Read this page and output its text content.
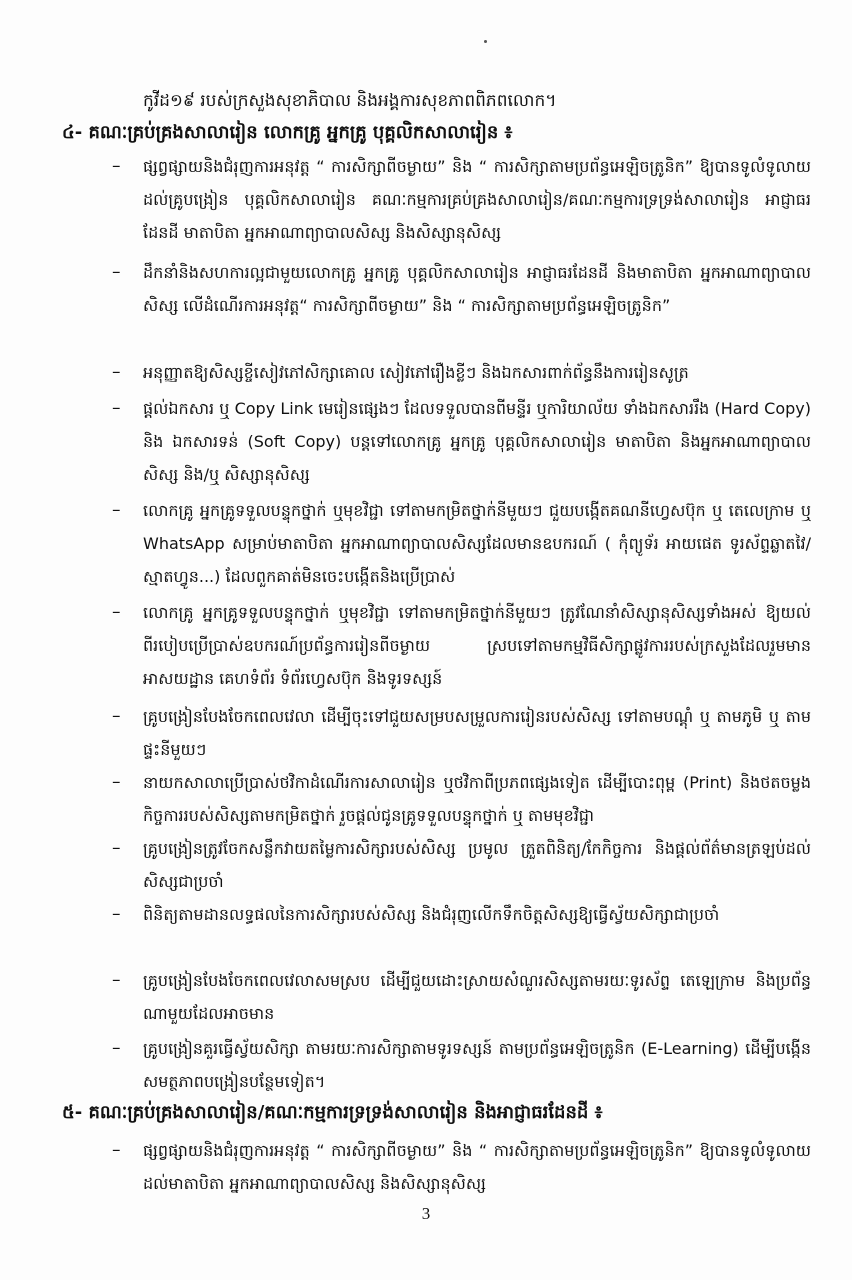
កូវីដ១៩ របស់ក្រសួងសុខាភិបាល និងអង្គការសុខភាពពិភពលោក។
៤- គណៈគ្រប់គ្រងសាលារៀន លោកគ្រូ អ្នកគ្រូ បុគ្គលិកសាលារៀន ៖
– ផ្សព្វផ្សាយនិងជំរុញការអនុវត្ត “ ការសិក្សាពីចម្ងាយ” និង “ ការសិក្សាតាមប្រព័ន្ធអេឡិចត្រូនិក” ឱ្យបានទូលំទូលាយដល់គ្រូបង្រៀន បុគ្គលិកសាលារៀន គណៈកម្មការគ្រប់គ្រងសាលារៀន/គណៈកម្មការទ្រទ្រង់សាលារៀន អាជ្ញាធរដែនដី មាតាបិតា អ្នកអាណាព្យាបាលសិស្ស និងសិស្សានុសិស្ស
– ដឹកនាំនិងសហការល្អជាមួយលោកគ្រូ អ្នកគ្រូ បុគ្គលិកសាលារៀន អាជ្ញាធរដែនដី និងមាតាបិតា អ្នកអាណាព្យាបាលសិស្ស លើដំណើរការអនុវត្ត“ ការសិក្សាពីចម្ងាយ” និង “ ការសិក្សាតាមប្រព័ន្ធអេឡិចត្រូនិក”
– អនុញ្ញាតឱ្យសិស្សខ្ចីសៀវភៅសិក្សាគោល សៀវភៅរឿងខ្លីៗ និងឯកសារពាក់ព័ន្ធនឹងការរៀនសូត្រ
– ផ្ដល់ឯកសារ ឬ Copy Link មេរៀនផ្សេងៗ ដែលទទួលបានពីមន្ទីរ ឬការិយាល័យ ទាំងឯកសាររឹង (Hard Copy) និង ឯកសារទន់ (Soft Copy) បន្តទៅលោកគ្រូ អ្នកគ្រូ បុគ្គលិកសាលារៀន មាតាបិតា និងអ្នកអាណាព្យាបាលសិស្ស និង/ឬ សិស្សានុសិស្ស
– លោកគ្រូ អ្នកគ្រូទទួលបន្ទុកថ្នាក់ ឬមុខវិជ្ជា ទៅតាមកម្រិតថ្នាក់នីមួយៗ ជួយបង្កើតគណនីហ្វេសប៊ុក ឬ តេលេក្រាម ឬ WhatsApp សម្រាប់មាតាបិតា អ្នកអាណាព្យាបាលសិស្សដែលមានឧបករណ៍ ( កុំព្យូទ័រ អាយផេត ទូរស័ព្ទឆ្លាតវៃ/ស្មាតហ្វូន...) ដែលពួកគាត់មិនចេះបង្កើតនិងប្រើប្រាស់
– លោកគ្រូ អ្នកគ្រូទទួលបន្ទុកថ្នាក់ ឬមុខវិជ្ជា ទៅតាមកម្រិតថ្នាក់នីមួយៗ ត្រូវណែនាំសិស្សានុសិស្សទាំងអស់ ឱ្យយល់ពីរបៀបប្រើប្រាស់ឧបករណ៍ប្រព័ន្ធការរៀនពីចម្ងាយ ស្របទៅតាមកម្មវិធីសិក្សាផ្លូវការរបស់ក្រសួងដែលរួមមាន អាសយដ្ឋាន គេហទំព័រ ទំព័រហ្វេសប៊ុក និងទូរទស្សន៍
– គ្រូបង្រៀនបែងចែកពេលវេលា ដើម្បីចុះទៅជួយសម្របសម្រួលការរៀនរបស់សិស្ស ទៅតាមបណ្ដុំ ឬ តាមភូមិ ឬ តាមផ្ទះនីមួយៗ
– នាយកសាលាប្រើប្រាស់ថវិកាដំណើរការសាលារៀន ឬថវិកាពីប្រភពផ្សេងទៀត ដើម្បីបោះពុម្ព (Print) និងថតចម្លងកិច្ចការរបស់សិស្សតាមកម្រិតថ្នាក់ រួចផ្ដល់ជូនគ្រូទទួលបន្ទុកថ្នាក់ ឬ តាមមុខវិជ្ជា
– គ្រូបង្រៀនត្រូវចែកសន្លឹកវាយតម្លៃការសិក្សារបស់សិស្ស ប្រមូល ត្រួតពិនិត្យ/កែកិច្ចការ និងផ្ដល់ព័ត៌មានត្រឡប់ដល់សិស្សជាប្រចាំ
– ពិនិត្យតាមដានលទ្ធផលនៃការសិក្សារបស់សិស្ស និងជំរុញលើកទឹកចិត្តសិស្សឱ្យធ្វើស្វ័យសិក្សាជាប្រចាំ
– គ្រូបង្រៀនបែងចែកពេលវេលាសមស្រប ដើម្បីជួយដោះស្រាយសំណួរសិស្សតាមរយៈទូរស័ព្ទ តេឡេក្រាម និងប្រព័ន្ធណាមួយដែលអាចមាន
– គ្រូបង្រៀនគួរធ្វើស្វ័យសិក្សា តាមរយៈការសិក្សាតាមទូរទស្សន៍ តាមប្រព័ន្ធអេឡិចត្រូនិក (E-Learning) ដើម្បីបង្កើនសមត្ថភាពបង្រៀនបន្ថែមទៀត។
៥- គណៈគ្រប់គ្រងសាលារៀន/គណៈកម្មការទ្រទ្រង់សាលារៀន និងអាជ្ញាធរដែនដី ៖
– ផ្សព្វផ្សាយនិងជំរុញការអនុវត្ត “ ការសិក្សាពីចម្ងាយ” និង “ ការសិក្សាតាមប្រព័ន្ធអេឡិចត្រូនិក” ឱ្យបានទូលំទូលាយដល់មាតាបិតា អ្នកអាណាព្យាបាលសិស្ស និងសិស្សានុសិស្ស
3
